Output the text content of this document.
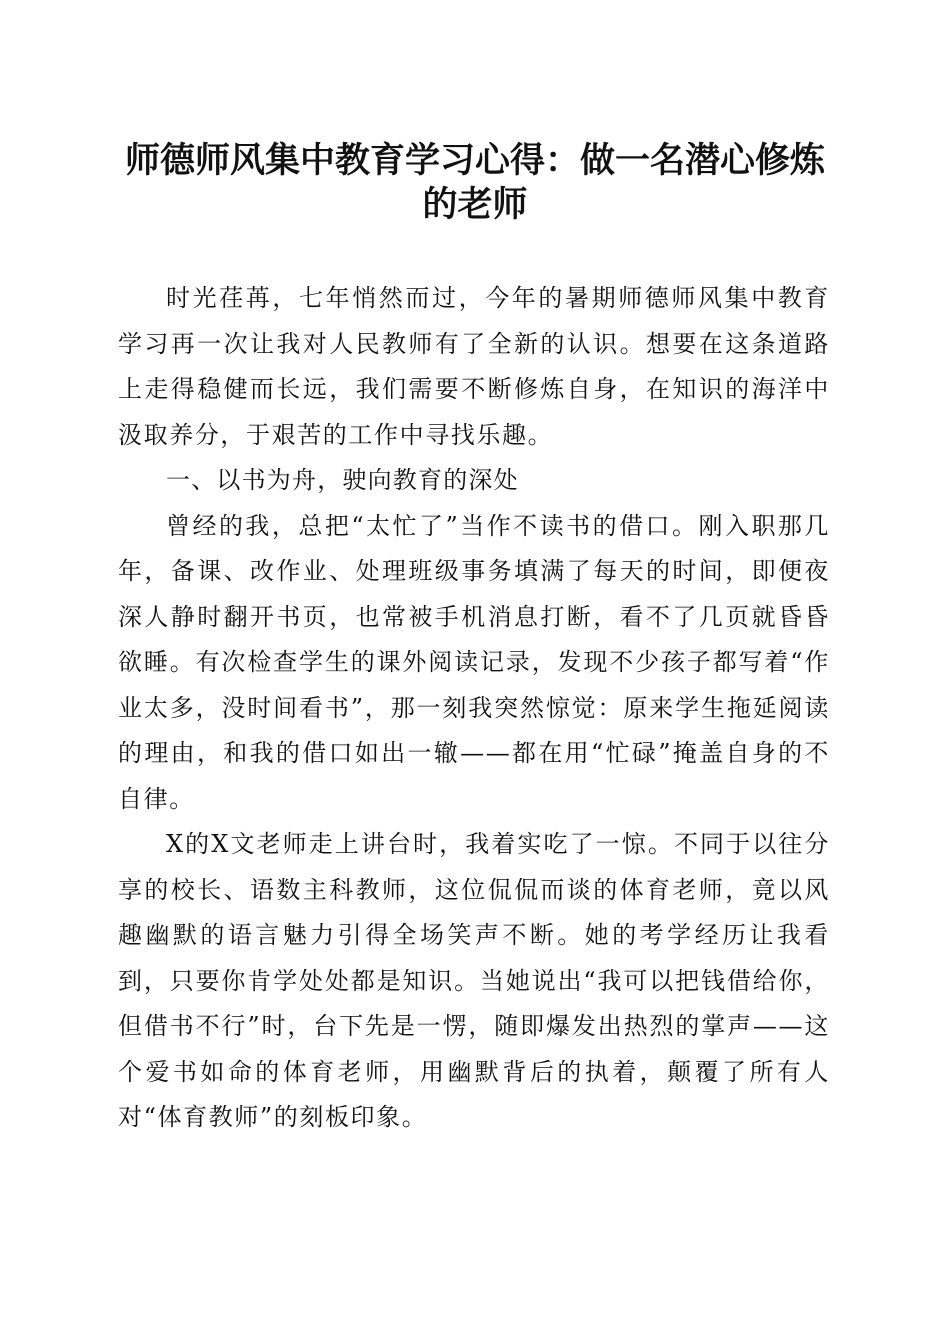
师德师风集中教育学习心得：做一名潜心修炼
的老师

时光荏苒，七年悄然而过，今年的暑期师德师风集中教育学习再一次让我对人民教师有了全新的认识。想要在这条道路上走得稳健而长远，我们需要不断修炼自身，在知识的海洋中汲取养分，于艰苦的工作中寻找乐趣。

一、以书为舟，驶向教育的深处

曾经的我，总把“太忙了”当作不读书的借口。刚入职那几年，备课、改作业、处理班级事务填满了每天的时间，即便夜深人静时翻开书页，也常被手机消息打断，看不了几页就昏昏欲睡。有次检查学生的课外阅读记录，发现不少孩子都写着“作业太多，没时间看书”，那一刻我突然惊觉：原来学生拖延阅读的理由，和我的借口如出一辙——都在用“忙碌”掩盖自身的不自律。

X的X文老师走上讲台时，我着实吃了一惊。不同于以往分享的校长、语数主科教师，这位侃侃而谈的体育老师，竟以风趣幽默的语言魅力引得全场笑声不断。她的考学经历让我看到，只要你肯学处处都是知识。当她说出“我可以把钱借给你，但借书不行”时，台下先是一愣，随即爆发出热烈的掌声——这个爱书如命的体育老师，用幽默背后的执着，颠覆了所有人对“体育教师”的刻板印象。
